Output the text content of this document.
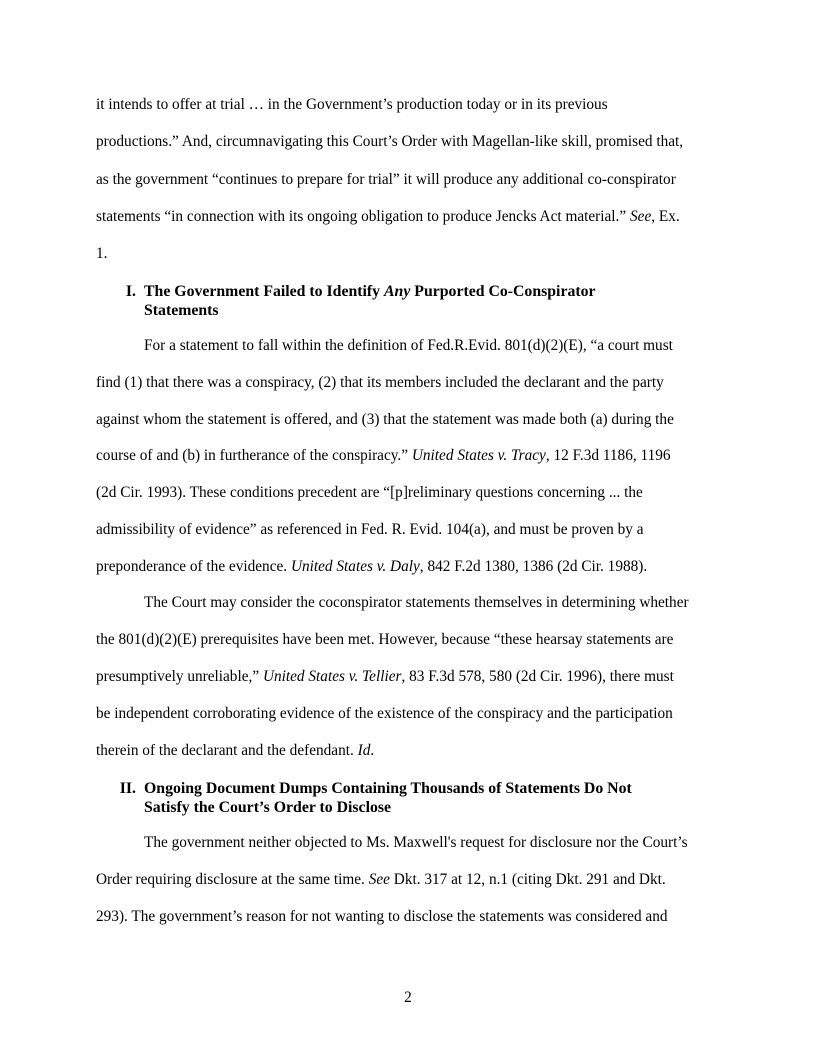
it intends to offer at trial … in the Government’s production today or in its previous
productions.” And, circumnavigating this Court’s Order with Magellan-like skill, promised that,
as the government “continues to prepare for trial” it will produce any additional co-conspirator
statements “in connection with its ongoing obligation to produce Jencks Act material.” See, Ex.
1.
I. The Government Failed to Identify Any Purported Co-Conspirator
Statements
For a statement to fall within the definition of Fed.R.Evid. 801(d)(2)(E), “a court must
find (1) that there was a conspiracy, (2) that its members included the declarant and the party
against whom the statement is offered, and (3) that the statement was made both (a) during the
course of and (b) in furtherance of the conspiracy.” United States v. Tracy, 12 F.3d 1186, 1196
(2d Cir. 1993). These conditions precedent are “[p]reliminary questions concerning ... the
admissibility of evidence” as referenced in Fed. R. Evid. 104(a), and must be proven by a
preponderance of the evidence. United States v. Daly, 842 F.2d 1380, 1386 (2d Cir. 1988).
The Court may consider the coconspirator statements themselves in determining whether
the 801(d)(2)(E) prerequisites have been met. However, because “these hearsay statements are
presumptively unreliable,” United States v. Tellier, 83 F.3d 578, 580 (2d Cir. 1996), there must
be independent corroborating evidence of the existence of the conspiracy and the participation
therein of the declarant and the defendant. Id.
II. Ongoing Document Dumps Containing Thousands of Statements Do Not
Satisfy the Court’s Order to Disclose
The government neither objected to Ms. Maxwell's request for disclosure nor the Court’s
Order requiring disclosure at the same time. See Dkt. 317 at 12, n.1 (citing Dkt. 291 and Dkt.
293). The government’s reason for not wanting to disclose the statements was considered and
2
